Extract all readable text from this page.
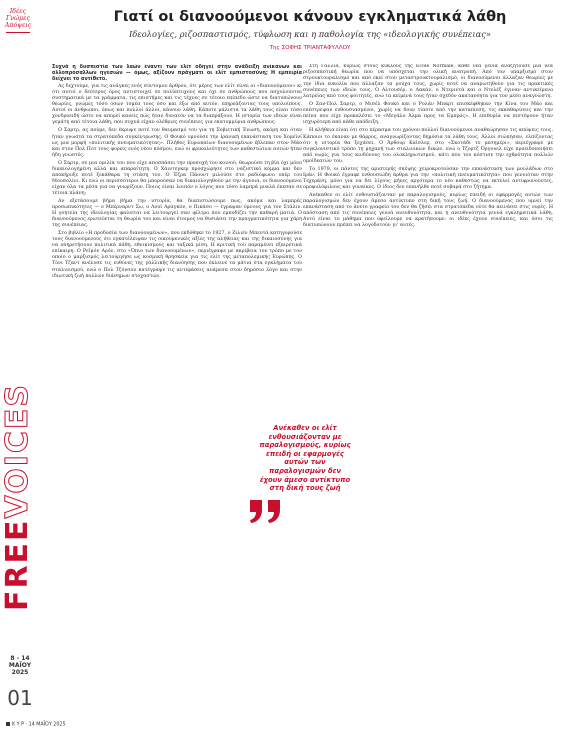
Ιδέες
Γνώμες
Απόψεις
FREEVOICES
8 - 14
ΜΑΪΟΥ
2025
01
Γιατί οι διανοούμενοι κάνουν εγκληματικά λάθη

Ιδεολογίες, ριζοσπαστισμός, τύφλωση και η παθολογία της «ιδεολογικής συνέπειας»

Της ΣΟΦΗΣ ΤΡΙΑΝΤΑΦΥΛΛΟΥ

Συχνά η δυσπιστία των λαών έναντι των ελίτ οδηγεί στην ανάδειξη ανίκανων και αλλοπρόσαλλων ηγεσιών — όμως, αξίζουν πράγματι οι ελίτ εμπιστοσύνη; Η εμπειρία δείχνει το αντίθετο.

Ας δεχτούμε, για τις ανάγκες ενός σύντομου άρθρου, ότι μέρος των ελίτ είναι οι «διανοούμενοι» κι ότι αυτοί ο δεύτερος όρος αντιστοιχεί σε πολύπτυχους και όχι σε ανθρώπους που ασχολούνται συστηματικά με τα γράμματα, τις επιστήμες και τις τέχνες σε τέτοιο επίπεδο ώστε να διατυπώνουν θεωρίες, γνώμες τόσο όσων τομέα τους όσο και έξω από αυτόν, επηρεάζοντας τους υπολοίπους. Αυτοί οι άνθρωποι, όπως και πολλοί άλλοι, κάνουν λάθη. Κάποτε μάλιστα τα λάθη τους είναι τόσο χονδροειδή ώστε να απορεί κανείς πώς ήταν δυνατόν να τα διαπράξουν. Η ιστορία των ιδεών είναι γεμάτη από τέτοια λάθη, που συχνά είχαν ολέθριες συνέπειες για εκατομμύρια ανθρώπους.

Ο Σαρτρ, ας πούμε, δεν έκρυψε ποτέ τον θαυμασμό του για τη Σοβιετική Ένωση, ακόμη και όταν ήταν γνωστά τα στρατόπεδα συγκέντρωσης. Ο Φουκό υμνούσε την Ιρανική επανάσταση του Χομεϊνί ως μια μορφή «πολιτικής πνευματικότητας». Πλήθος Ευρωπαίων διανοουμένων έβλεπαν στον Μάο και στον Πολ Ποτ τους φορείς ενός νέου κόσμου, ενώ οι φρικαλεότητες των καθεστώτων αυτών ήταν ήδη γνωστές.

Ο Σαρτρ, σε μια ομιλία του που είχε αποσπάσει την προσοχή του κοινού, θεωρούσε τη βία όχι μόνο δικαιολογημένη αλλά και απαραίτητη. Ο Χάιντεγκερ προσχώρησε στο ναζιστικό κόμμα και δεν αποκήρυξε ποτέ ξεκάθαρα τη στάση του. Ο Έζρα Πάουντ μιλούσε στο ραδιόφωνο υπέρ του Μουσολίνι. Κι ενώ οι περισσότεροι θα μπορούσαν να δικαιολογηθούν με την άγνοια, οι διανοούμενοι είχαν όλα τα μέσα για να γνωρίζουν. Ποιος είναι λοιπόν ο λόγος που τόσο λαμπρά μυαλά έπεσαν σε τέτοια πλάνη;

Αν εξετάσουμε βήμα βήμα την ιστορία, θα διαπιστώσουμε πως, ακόμα και λαμπρές προσωπικότητες — ο Μπέρναρντ Σω, ο Λουί Αραγκόν, ο Πικάσο — έγραψαν ύμνους για τον Στάλιν. Η γοητεία της ιδεολογίας φαίνεται να λειτουργεί σαν φίλτρο που εμποδίζει την καθαρή ματιά. Ο διανοούμενος ερωτεύεται τη θεωρία του και είναι έτοιμος να θυσιάσει την πραγματικότητα για χάρη της συνέπειας.

Στο βιβλίο «Η προδοσία των διανοουμένων», που εκδόθηκε το 1927, ο Ζιλιέν Μπεντά κατηγορούσε τους διανοούμενους ότι εγκατέλειψαν τις οικουμενικές αξίες της αλήθειας και της δικαιοσύνης για να υπηρετήσουν πολιτικά πάθη, εθνικισμούς και ταξικά μίση. Η κριτική του παραμένει εξαιρετικά επίκαιρη. Ο Ρεϊμόν Αρόν, στο «Όπιο των διανοουμένων», περιέγραψε με ακρίβεια τον τρόπο με τον οποίο ο μαρξισμός λειτούργησε ως κοσμική θρησκεία για τις ελίτ της μεταπολεμικής Ευρώπης. Ο Τόνι Τζαντ ανέλυσε τις ευθύνες της γαλλικής διανόησης που έκλεινε τα μάτια στα εγκλήματα του σταλινισμού, ενώ ο Πολ Τζόνσον κατέγραψε τις αντιφάσεις ανάμεσα στον δημόσιο λόγο και στην ιδιωτική ζωή πολλών διάσημων στοχαστών.

Στη Γαλλία, κυρίως στους κύκλους της Ecole Normale, κάθε νέα γενιά αναζητούσε μια νέα ριζοσπαστική θεωρία που να υπόσχεται την ολική ανατροπή. Από τον υπαρξισμό στον στρουκτουραλισμό και από εκεί στον μεταστρουκτουραλισμό, οι διανοούμενοι άλλαζαν θεωρίες με την ίδια ευκολία που άλλαζαν τα ρούχα τους, χωρίς ποτέ να αναρωτηθούν για τις πρακτικές συνέπειες των ιδεών τους. Ο Αλτουσέρ, ο Λακάν, ο Ντεριντά και ο Ντελέζ έγιναν αντικείμενο λατρείας από τους φοιτητές, ενώ τα κείμενά τους ήταν σχεδόν ακατανόητα για τον μέσο αναγνώστη.

Ο Ζαν-Πολ Σαρτρ, ο Μισέλ Φουκό και ο Ρολάν Μπαρτ επισκέφθηκαν την Κίνα του Μάο και επέστρεψαν ενθουσιασμένοι, χωρίς να δουν τίποτε από την καταπίεση, τις εκκαθαρίσεις και την πείνα που είχε προκαλέσει το «Μεγάλο Άλμα προς τα Εμπρός». Η επιθυμία να πιστέψουν ήταν ισχυρότερη από κάθε απόδειξη.

Η αλήθεια είναι ότι στο πέρασμα του χρόνου πολλοί διανοούμενοι αναθεώρησαν τις απόψεις τους. Κάποιοι το έκαναν με θάρρος, αναγνωρίζοντας δημόσια τα λάθη τους. Άλλοι σιώπησαν, ελπίζοντας ότι η ιστορία θα ξεχάσει. Ο Άρθουρ Καίσλερ, στο «Σκοτάδι το μεσημέρι», περιέγραψε με συγκλονιστικό τρόπο τη μηχανή των σταλινικών δικών, ενώ ο Τζορτζ Όργουελ είχε προειδοποιήσει από νωρίς για τους κινδύνους του ολοκληρωτισμού, κάτι που του κόστισε την εχθρότητα πολλών ομοϊδεατών του.

Το 1979, οι πάντες της αριστερής σκέψης χειροκροτούσαν την επανάσταση των μουλάδων στο Ιράν. Η Φουκό έγραφε ενθουσιώδη άρθρα για την «πολιτική πνευματικότητα» που γεννιόταν στην Τεχεράνη, μόνο για να δει λίγους μήνες αργότερα το νέο καθεστώς να εκτελεί αντιφρονούντες, ομοφυλόφιλους και γυναίκες. Ο ίδιος δεν επανήλθε ποτέ σοβαρά στο ζήτημα.

Ανέκαθεν οι ελίτ ενθουσιάζονταν με παραλογισμούς, κυρίως επειδή οι εφαρμογές αυτών των παραλογισμών δεν έχουν άμεσο αντίκτυπο στη δική τους ζωή. Ο διανοούμενος που υμνεί την επανάσταση από το άνετο γραφείο του δεν θα ζήσει στα στρατόπεδα ούτε θα πεινάσει στις ουρές. Η απόσταση από τις συνέπειες γεννά ανευθυνότητα, και η ανευθυνότητα γεννά εγκληματικά λάθη. Αυτό είναι το μάθημα που οφείλουμε να κρατήσουμε: οι ιδέες έχουν συνέπειες, και όσοι τις διατυπώνουν πρέπει να λογοδοτούν γι' αυτές.

Ανέκαθεν οι ελίτ ενθουσιάζονταν με παραλογισμούς, κυρίως επειδή οι εφαρμογές αυτών των παραλογισμών δεν έχουν άμεσο αντίκτυπο στη δική τους ζωή
Κ Υ Ρ · 14 ΜΑΪΟΥ 2025
